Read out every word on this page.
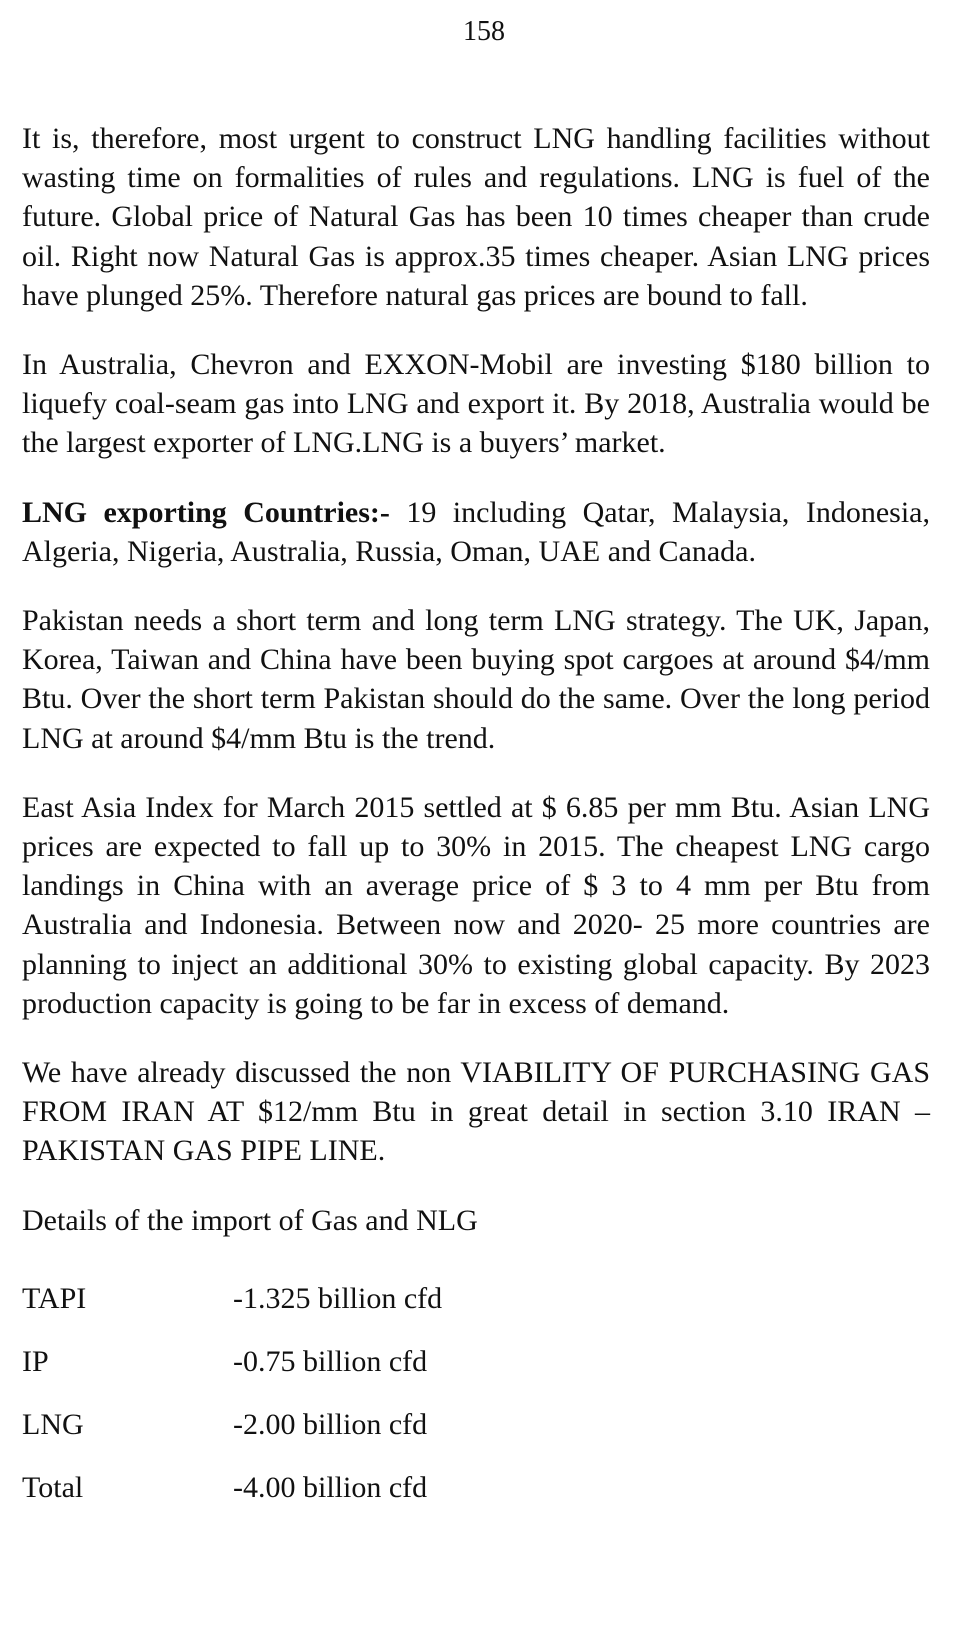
158

It is, therefore, most urgent to construct LNG handling facilities without wasting time on formalities of rules and regulations. LNG is fuel of the future. Global price of Natural Gas has been 10 times cheaper than crude oil. Right now Natural Gas is approx.35 times cheaper. Asian LNG prices have plunged 25%. Therefore natural gas prices are bound to fall.

In Australia, Chevron and EXXON-Mobil are investing $180 billion to liquefy coal-seam gas into LNG and export it. By 2018, Australia would be the largest exporter of LNG.LNG is a buyers’ market.

LNG exporting Countries:- 19 including Qatar, Malaysia, Indonesia, Algeria, Nigeria, Australia, Russia, Oman, UAE and Canada.

Pakistan needs a short term and long term LNG strategy. The UK, Japan, Korea, Taiwan and China have been buying spot cargoes at around $4/mm Btu. Over the short term Pakistan should do the same. Over the long period LNG at around $4/mm Btu is the trend.

East Asia Index for March 2015 settled at $ 6.85 per mm Btu. Asian LNG prices are expected to fall up to 30% in 2015. The cheapest LNG cargo landings in China with an average price of $ 3 to 4 mm per Btu from Australia and Indonesia. Between now and 2020- 25 more countries are planning to inject an additional 30% to existing global capacity. By 2023 production capacity is going to be far in excess of demand.

We have already discussed the non VIABILITY OF PURCHASING GAS FROM IRAN AT $12/mm Btu in great detail in section 3.10 IRAN – PAKISTAN GAS PIPE LINE.

Details of the import of Gas and NLG

TAPI	-1.325 billion cfd
IP	-0.75 billion cfd
LNG	-2.00 billion cfd
Total	-4.00 billion cfd
